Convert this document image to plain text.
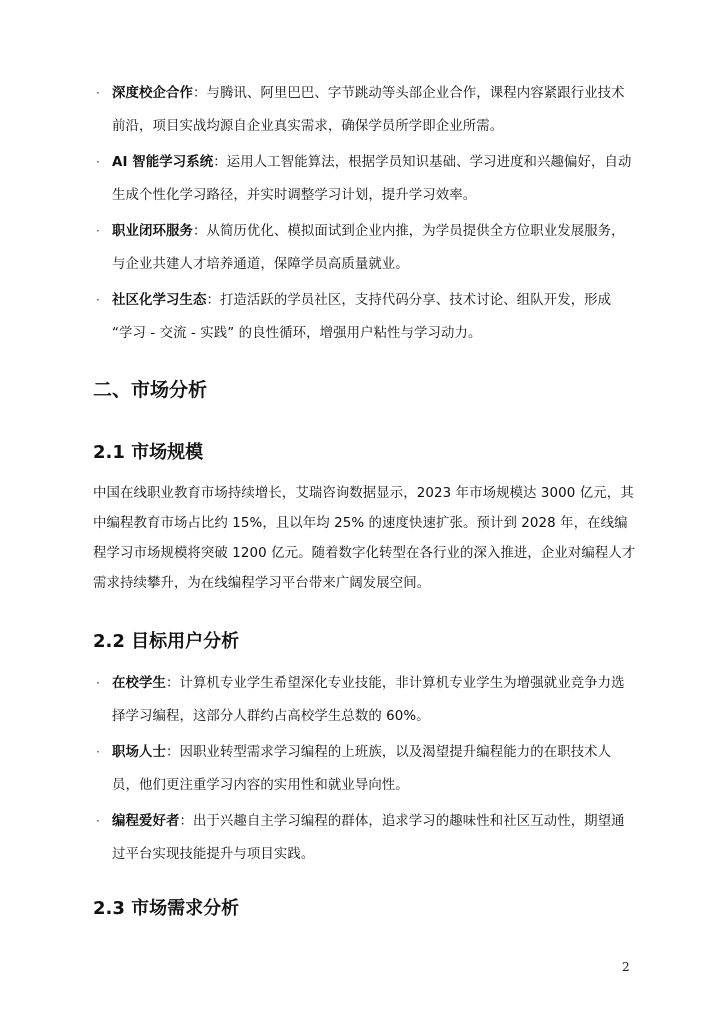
· 深度校企合作：与腾讯、阿里巴巴、字节跳动等头部企业合作，课程内容紧跟行业技术前沿，项目实战均源自企业真实需求，确保学员所学即企业所需。
· AI 智能学习系统：运用人工智能算法，根据学员知识基础、学习进度和兴趣偏好，自动生成个性化学习路径，并实时调整学习计划，提升学习效率。
· 职业闭环服务：从简历优化、模拟面试到企业内推，为学员提供全方位职业发展服务，与企业共建人才培养通道，保障学员高质量就业。
· 社区化学习生态：打造活跃的学员社区，支持代码分享、技术讨论、组队开发，形成 “学习 - 交流 - 实践” 的良性循环，增强用户粘性与学习动力。
二、市场分析
2.1 市场规模

中国在线职业教育市场持续增长，艾瑞咨询数据显示，2023 年市场规模达 3000 亿元，其中编程教育市场占比约 15%，且以年均 25% 的速度快速扩张。预计到 2028 年，在线编程学习市场规模将突破 1200 亿元。随着数字化转型在各行业的深入推进，企业对编程人才需求持续攀升，为在线编程学习平台带来广阔发展空间。

2.2 目标用户分析
· 在校学生：计算机专业学生希望深化专业技能，非计算机专业学生为增强就业竞争力选择学习编程，这部分人群约占高校学生总数的 60%。
· 职场人士：因职业转型需求学习编程的上班族，以及渴望提升编程能力的在职技术人员，他们更注重学习内容的实用性和就业导向性。
· 编程爱好者：出于兴趣自主学习编程的群体，追求学习的趣味性和社区互动性，期望通过平台实现技能提升与项目实践。
2.3 市场需求分析
2
